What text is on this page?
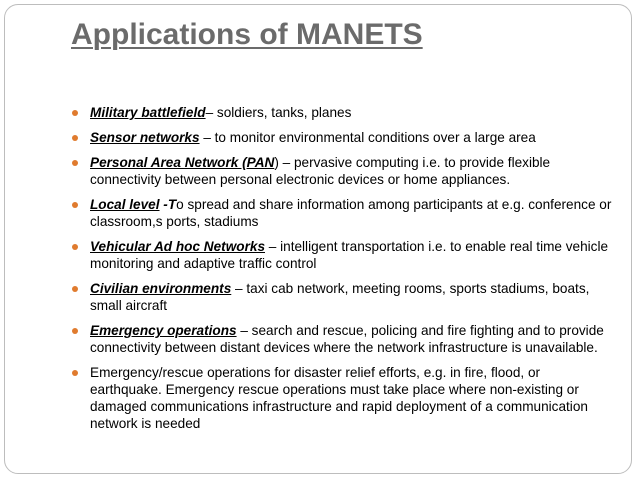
Applications of MANETS
Military battlefield– soldiers, tanks, planes
Sensor networks – to monitor environmental conditions over a large area
Personal Area Network (PAN) – pervasive computing i.e. to provide flexible connectivity between personal electronic devices or home appliances.
Local level -To spread and share information among participants at e.g. conference or classroom,s ports, stadiums
Vehicular Ad hoc Networks – intelligent transportation i.e. to enable real time vehicle monitoring and adaptive traffic control
Civilian environments – taxi cab network, meeting rooms, sports stadiums, boats, small aircraft
Emergency operations – search and rescue, policing and fire fighting and to provide connectivity between distant devices where the network infrastructure is unavailable.
Emergency/rescue operations for disaster relief efforts, e.g. in fire, flood, or earthquake. Emergency rescue operations must take place where non-existing or damaged communications infrastructure and rapid deployment of a communication network is needed
